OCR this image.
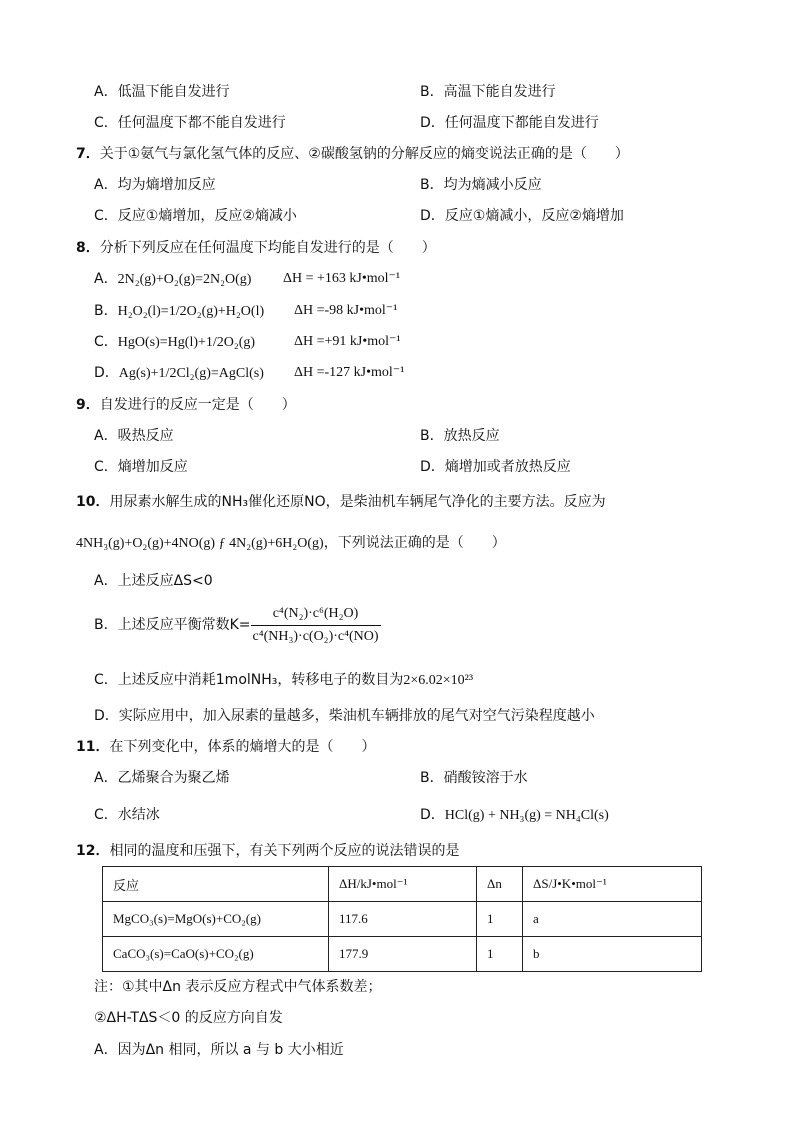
A．低温下能自发进行	B．高温下能自发进行
C．任何温度下都不能自发进行	D．任何温度下都能自发进行
7．关于①氨气与氯化氢气体的反应、②碳酸氢钠的分解反应的熵变说法正确的是（　　）
A．均为熵增加反应	B．均为熵减小反应
C．反应①熵增加，反应②熵减小	D．反应①熵减小，反应②熵增加
8．分析下列反应在任何温度下均能自发进行的是（　　）
A．2N₂(g)+O₂(g)=2N₂O(g) ΔH = +163 kJ•mol⁻¹
B．H₂O₂(l)=1/2O₂(g)+H₂O(l) ΔH =-98 kJ•mol⁻¹
C．HgO(s)=Hg(l)+1/2O₂(g)	ΔH =+91 kJ•mol⁻¹
D．Ag(s)+1/2Cl₂(g)=AgCl(s) ΔH =-127 kJ•mol⁻¹
9．自发进行的反应一定是（　　）
A．吸热反应	B．放热反应
C．熵增加反应	D．熵增加或者放热反应
10．用尿素水解生成的NH₃催化还原NO，是柴油机车辆尾气净化的主要方法。反应为
4NH₃(g)+O₂(g)+4NO(g) ƒ 4N₂(g)+6H₂O(g)，下列说法正确的是（　　）
A．上述反应ΔS<0
B．上述反应平衡常数$K= \frac{\text{c⁴(N₂)·c⁶(H₂O)}}{\text{c⁴(NH₃)·c(O₂)·c⁴(NO)}}$
C．上述反应中消耗1molNH₃，转移电子的数目为2×6.02×10²³
D．实际应用中，加入尿素的量越多，柴油机车辆排放的尾气对空气污染程度越小
11．在下列变化中，体系的熵增大的是（　　）
A．乙烯聚合为聚乙烯	B．硝酸铵溶于水
C．水结冰	D．HCl(g) + NH₃(g) = NH₄Cl(s)
12．相同的温度和压强下，有关下列两个反应的说法错误的是
反应	ΔH/kJ•mol⁻¹	Δn	ΔS/J•K•mol⁻¹
MgCO₃(s)=MgO(s)+CO₂(g)	117.6	1	a
CaCO₃(s)=CaO(s)+CO₂(g)	177.9	1	b
注：①其中Δn 表示反应方程式中气体系数差；
②ΔH-TΔS＜0 的反应方向自发
A．因为Δn 相同，所以 a 与 b 大小相近
